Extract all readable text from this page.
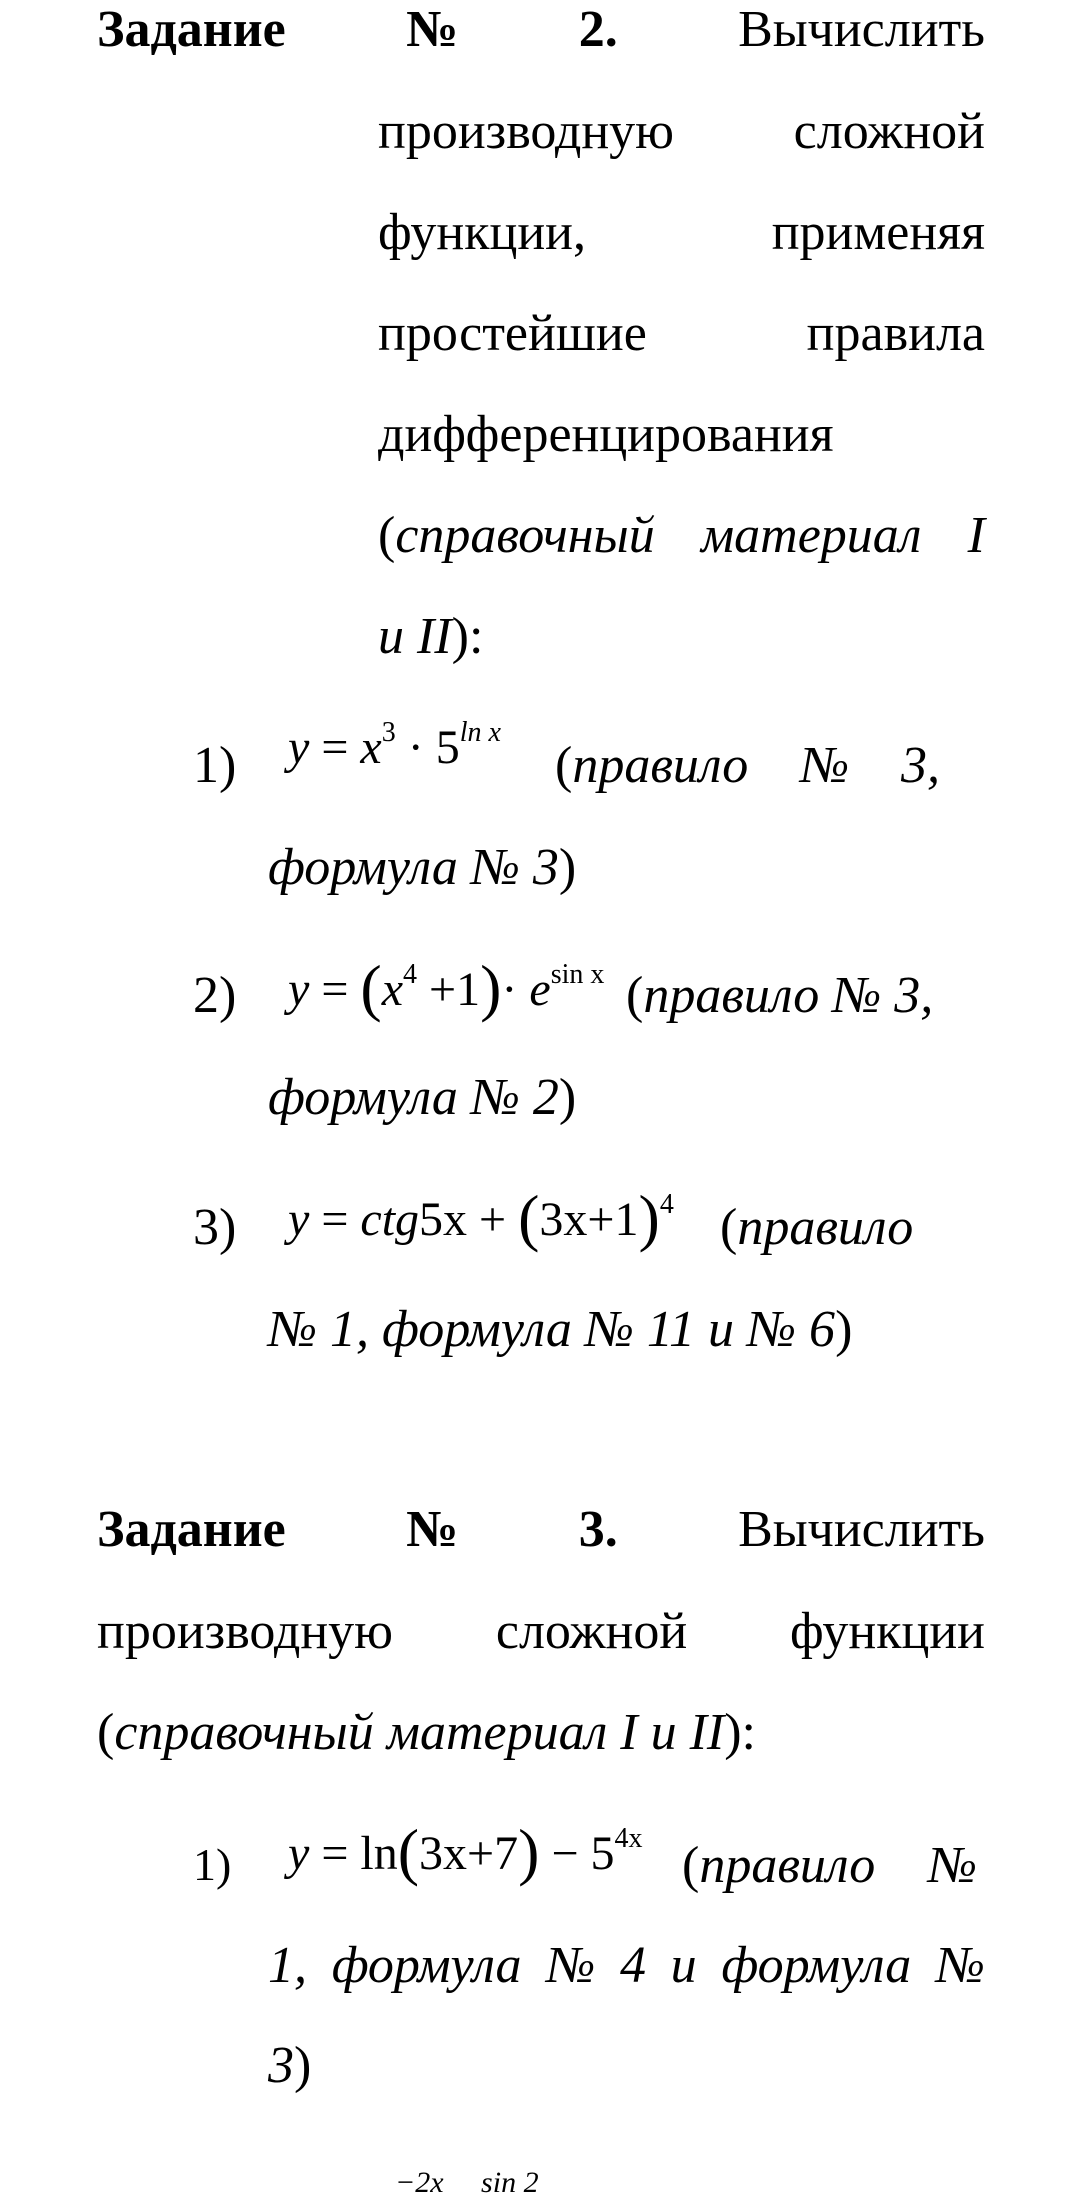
Задание № 2. Вычислить
производную сложной
функции,	применяя
простейшие	правила
дифференцирования
(справочный материал I
и II):
1) $y = x^3 \cdot 5^{ln x}$
(правило № 3,
формула № 3)
2) $y = (x^4 +1)\cdot e^{sin x}$ (правило № 3,
формула № 2)
3) $y = ctg5x + (3x+1)^4$ (правило
№ 1, формула № 11 и № 6)
Задание № 3. Вычислить
производную сложной функции
(справочный материал I и II):
1) $y = \ln(3x+7) - 5^{4x}$ (правило №
1, формула № 4 и формула №
3)

−2x     sin 2
